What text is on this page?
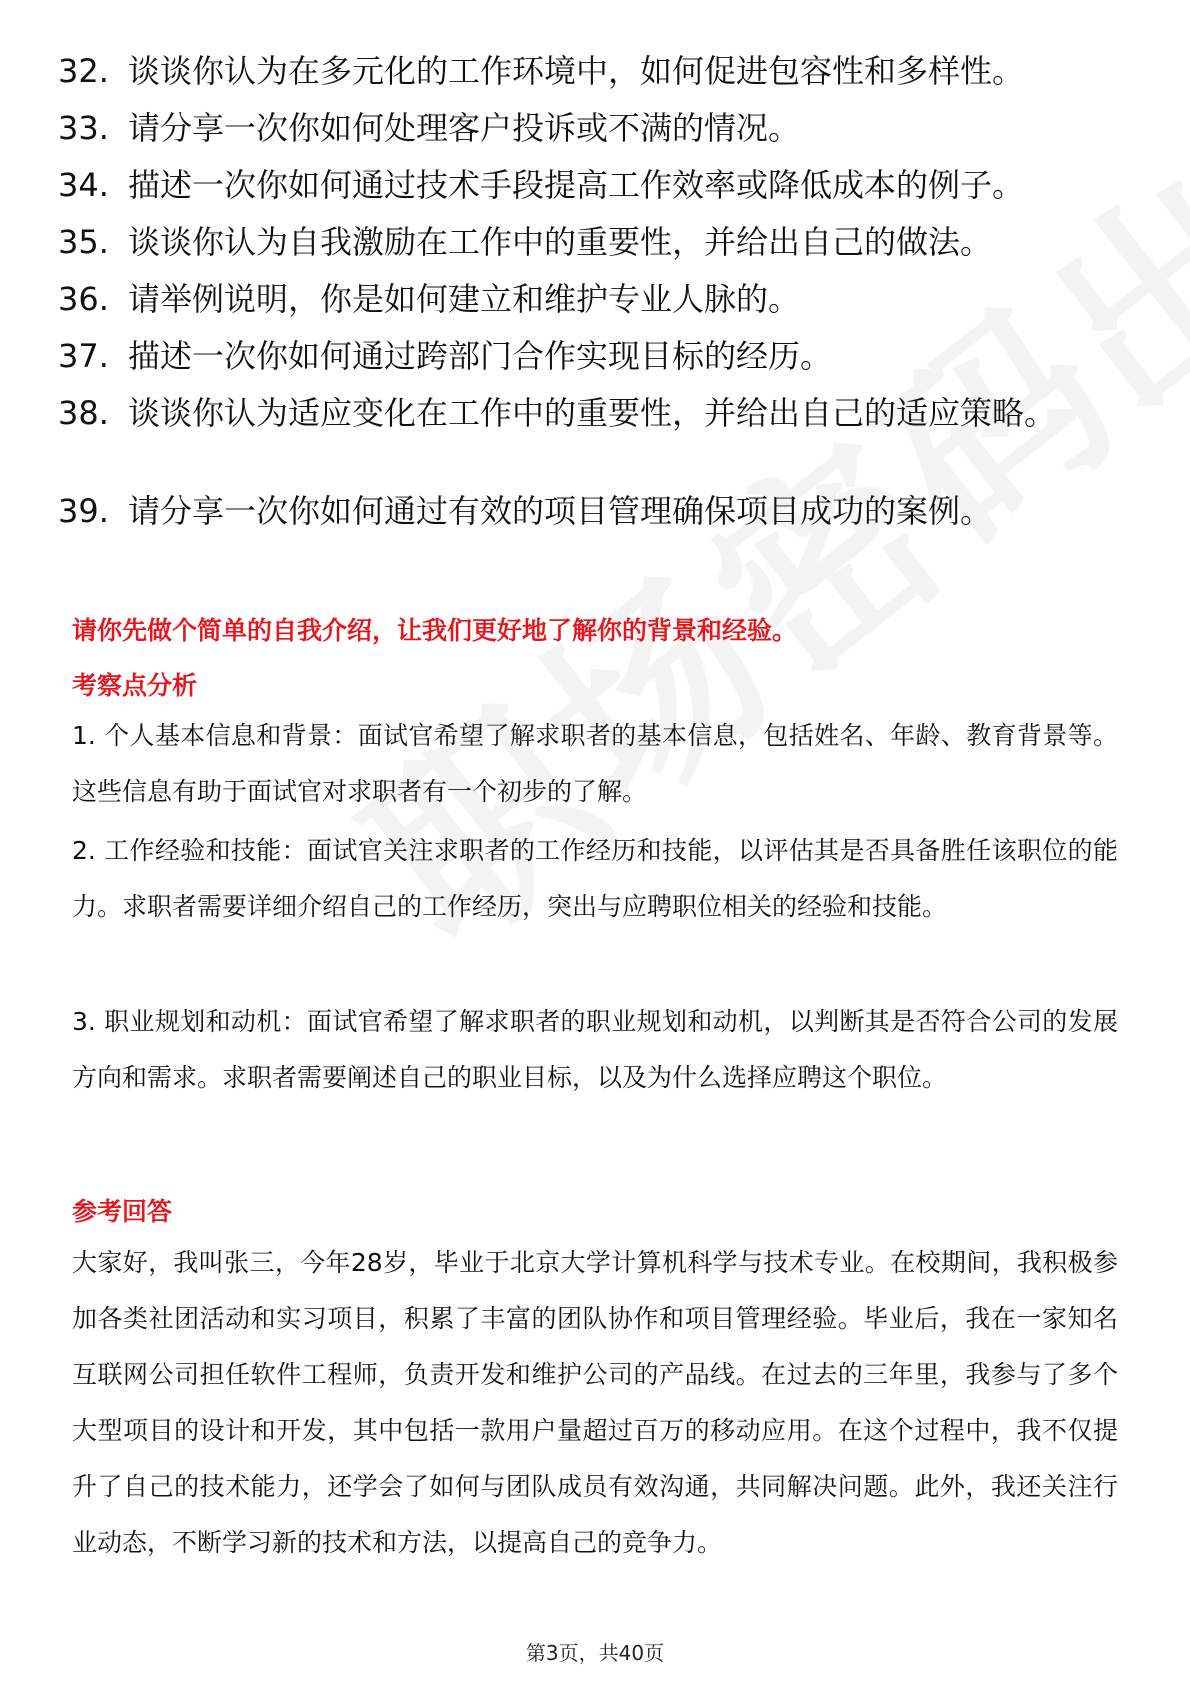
32. 谈谈你认为在多元化的工作环境中，如何促进包容性和多样性。
33. 请分享一次你如何处理客户投诉或不满的情况。
34. 描述一次你如何通过技术手段提高工作效率或降低成本的例子。
35. 谈谈你认为自我激励在工作中的重要性，并给出自己的做法。
36. 请举例说明，你是如何建立和维护专业人脉的。
37. 描述一次你如何通过跨部门合作实现目标的经历。
38. 谈谈你认为适应变化在工作中的重要性，并给出自己的适应策略。
39. 请分享一次你如何通过有效的项目管理确保项目成功的案例。
请你先做个简单的自我介绍，让我们更好地了解你的背景和经验。
考察点分析
1. 个人基本信息和背景：面试官希望了解求职者的基本信息，包括姓名、年龄、教育背景等。这些信息有助于面试官对求职者有一个初步的了解。
2. 工作经验和技能：面试官关注求职者的工作经历和技能，以评估其是否具备胜任该职位的能力。求职者需要详细介绍自己的工作经历，突出与应聘职位相关的经验和技能。
3. 职业规划和动机：面试官希望了解求职者的职业规划和动机，以判断其是否符合公司的发展方向和需求。求职者需要阐述自己的职业目标，以及为什么选择应聘这个职位。
参考回答
大家好，我叫张三，今年28岁，毕业于北京大学计算机科学与技术专业。在校期间，我积极参加各类社团活动和实习项目，积累了丰富的团队协作和项目管理经验。毕业后，我在一家知名互联网公司担任软件工程师，负责开发和维护公司的产品线。在过去的三年里，我参与了多个大型项目的设计和开发，其中包括一款用户量超过百万的移动应用。在这个过程中，我不仅提升了自己的技术能力，还学会了如何与团队成员有效沟通，共同解决问题。此外，我还关注行业动态，不断学习新的技术和方法，以提高自己的竞争力。
第3页，共40页
